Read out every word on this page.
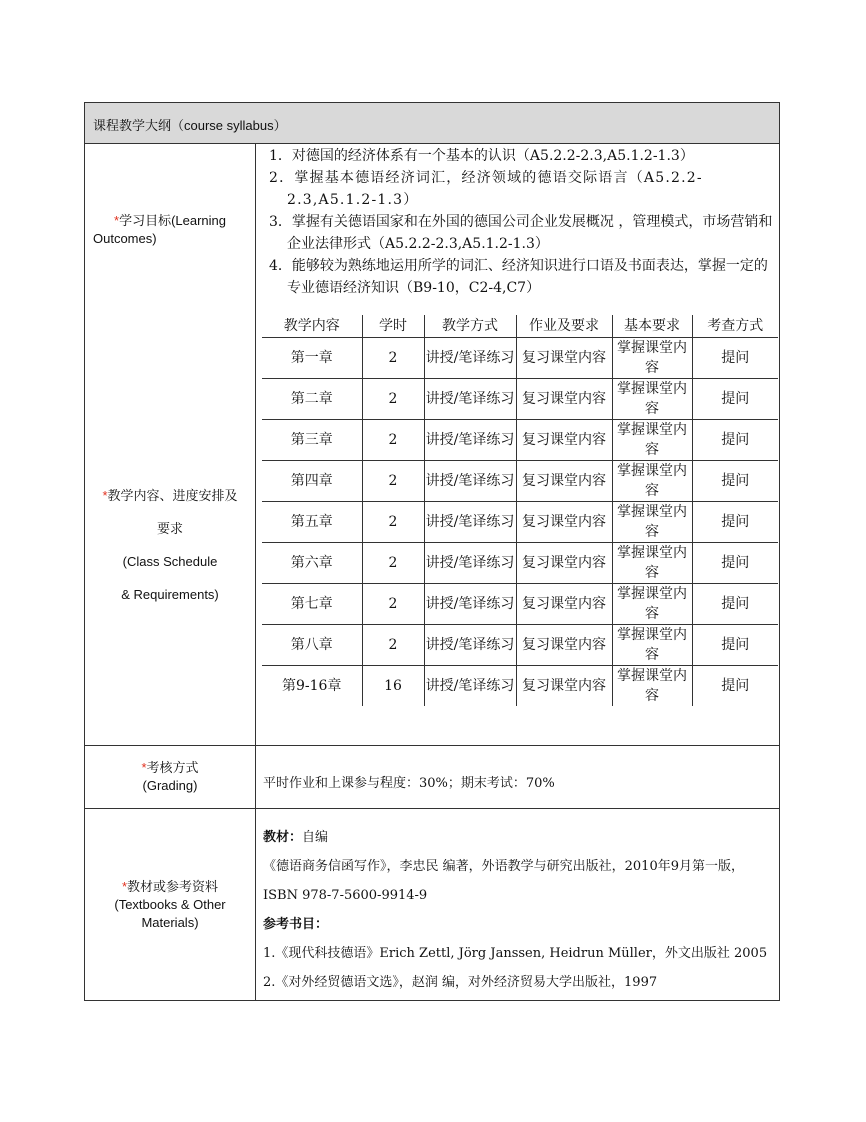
课程教学大纲（course syllabus）
*学习目标(Learning
Outcomes)
1．对德国的经济体系有一个基本的认识（A5.2.2-2.3,A5.1.2-1.3）
2．掌握基本德语经济词汇，经济领域的德语交际语言（A5.2.2-2.3,A5.1.2-1.3）
3．掌握有关德语国家和在外国的德国公司企业发展概况 ，管理模式，市场营销和企业法律形式（A5.2.2-2.3,A5.1.2-1.3）
4．能够较为熟练地运用所学的词汇、经济知识进行口语及书面表达，掌握一定的专业德语经济知识（B9-10，C2-4,C7）
*教学内容、进度安排及
要求
(Class Schedule
& Requirements)
教学内容	学时	教学方式	作业及要求	基本要求	考查方式
第一章	2	讲授/笔译练习	复习课堂内容	掌握课堂内容	提问
第二章	2	讲授/笔译练习	复习课堂内容	掌握课堂内容	提问
第三章	2	讲授/笔译练习	复习课堂内容	掌握课堂内容	提问
第四章	2	讲授/笔译练习	复习课堂内容	掌握课堂内容	提问
第五章	2	讲授/笔译练习	复习课堂内容	掌握课堂内容	提问
第六章	2	讲授/笔译练习	复习课堂内容	掌握课堂内容	提问
第七章	2	讲授/笔译练习	复习课堂内容	掌握课堂内容	提问
第八章	2	讲授/笔译练习	复习课堂内容	掌握课堂内容	提问
第9-16章	16	讲授/笔译练习	复习课堂内容	掌握课堂内容	提问
*考核方式
(Grading)	平时作业和上课参与程度：30%；期末考试：70%
*教材或参考资料
(Textbooks & Other
Materials)
教材：自编
《德语商务信函写作》，李忠民 编著，外语教学与研究出版社，2010年9月第一版，ISBN 978-7-5600-9914-9
参考书目：
1.《现代科技德语》Erich Zettl, Jörg Janssen, Heidrun Müller，外文出版社 2005
2.《对外经贸德语文选》，赵润 编，对外经济贸易大学出版社，1997
